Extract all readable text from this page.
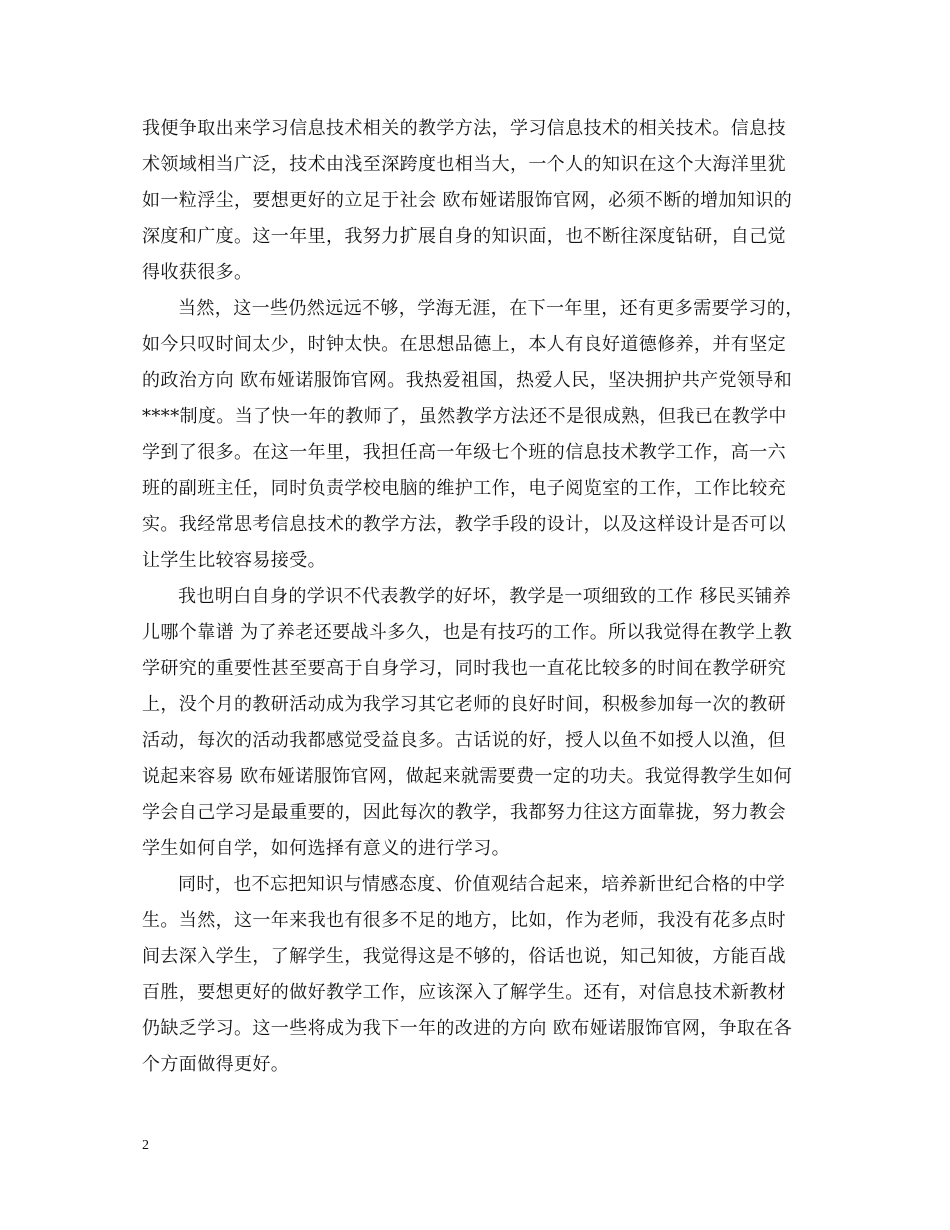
我便争取出来学习信息技术相关的教学方法，学习信息技术的相关技术。信息技
术领域相当广泛，技术由浅至深跨度也相当大，一个人的知识在这个大海洋里犹
如一粒浮尘，要想更好的立足于社会 欧布娅诺服饰官网，必须不断的增加知识的
深度和广度。这一年里，我努力扩展自身的知识面，也不断往深度钻研，自己觉
得收获很多。
当然，这一些仍然远远不够，学海无涯，在下一年里，还有更多需要学习的，
如今只叹时间太少，时钟太快。在思想品德上，本人有良好道德修养，并有坚定
的政治方向 欧布娅诺服饰官网。我热爱祖国，热爱人民，坚决拥护共产党领导和
****制度。当了快一年的教师了，虽然教学方法还不是很成熟，但我已在教学中
学到了很多。在这一年里，我担任高一年级七个班的信息技术教学工作，高一六
班的副班主任，同时负责学校电脑的维护工作，电子阅览室的工作，工作比较充
实。我经常思考信息技术的教学方法，教学手段的设计，以及这样设计是否可以
让学生比较容易接受。
我也明白自身的学识不代表教学的好坏，教学是一项细致的工作 移民买铺养
儿哪个靠谱 为了养老还要战斗多久，也是有技巧的工作。所以我觉得在教学上教
学研究的重要性甚至要高于自身学习，同时我也一直花比较多的时间在教学研究
上，没个月的教研活动成为我学习其它老师的良好时间，积极参加每一次的教研
活动，每次的活动我都感觉受益良多。古话说的好，授人以鱼不如授人以渔，但
说起来容易 欧布娅诺服饰官网，做起来就需要费一定的功夫。我觉得教学生如何
学会自己学习是最重要的，因此每次的教学，我都努力往这方面靠拢，努力教会
学生如何自学，如何选择有意义的进行学习。
同时，也不忘把知识与情感态度、价值观结合起来，培养新世纪合格的中学
生。当然，这一年来我也有很多不足的地方，比如，作为老师，我没有花多点时
间去深入学生，了解学生，我觉得这是不够的，俗话也说，知己知彼，方能百战
百胜，要想更好的做好教学工作，应该深入了解学生。还有，对信息技术新教材
仍缺乏学习。这一些将成为我下一年的改进的方向 欧布娅诺服饰官网，争取在各
个方面做得更好。
2
